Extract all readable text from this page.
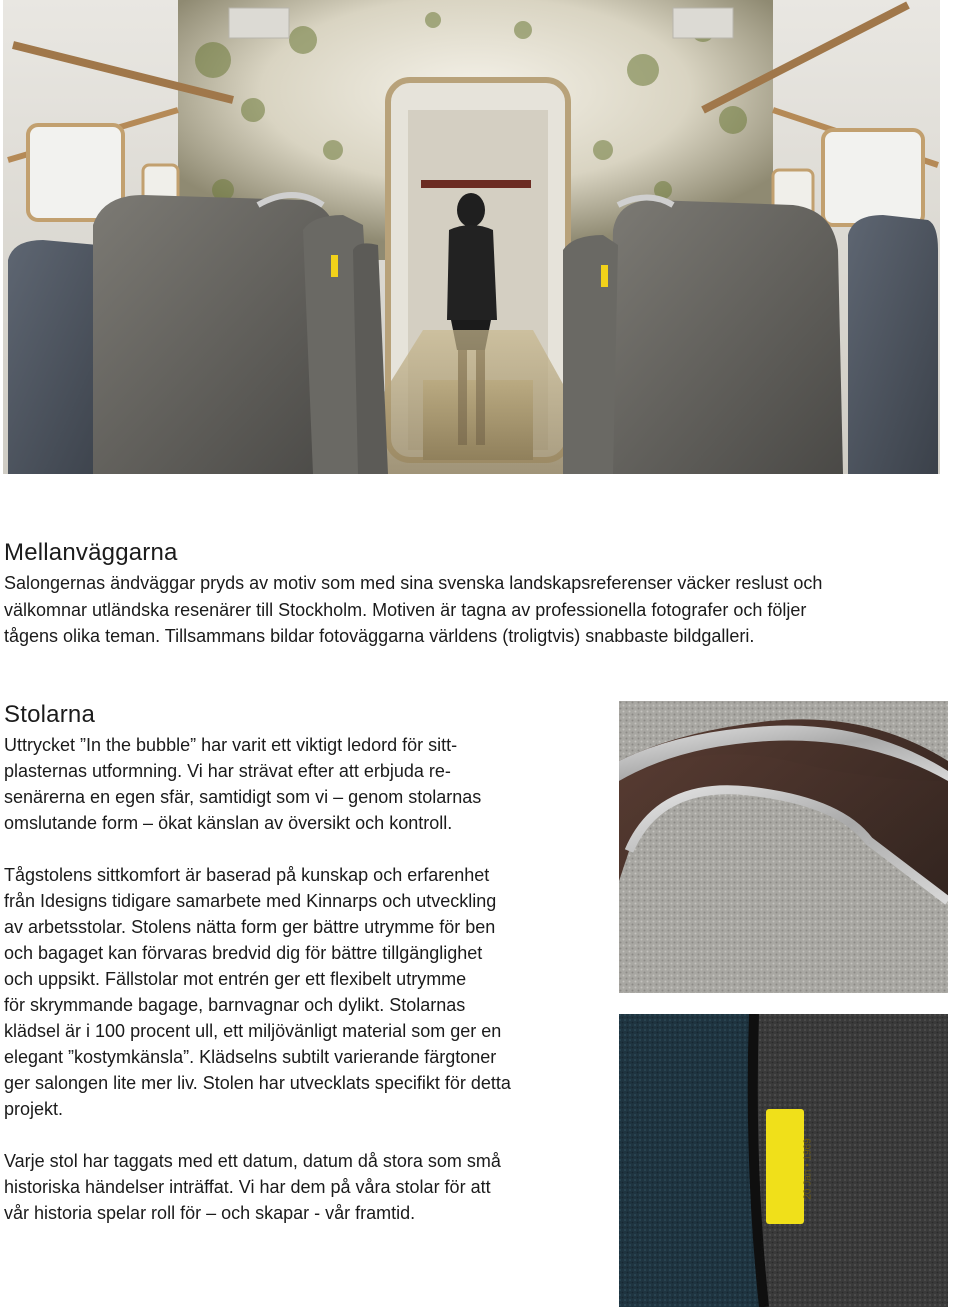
Mellanväggarna

Salongernas ändväggar pryds av motiv som med sina svenska landskapsreferenser väcker reslust och
välkomnar utländska resenärer till Stockholm. Motiven är tagna av professionella fotografer och följer
tågens olika teman. Tillsammans bildar fotoväggarna världens (troligtvis) snabbaste bildgalleri.

Stolarna

Uttrycket ”In the bubble” har varit ett viktigt ledord för sitt-
plasternas utformning. Vi har strävat efter att erbjuda re-
senärerna en egen sfär, samtidigt som vi – genom stolarnas
omslutande form – ökat känslan av översikt och kontroll.

Tågstolens sittkomfort är baserad på kunskap och erfarenhet
från Idesigns tidigare samarbete med Kinnarps och utveckling
av arbetsstolar. Stolens nätta form ger bättre utrymme för ben
och bagaget kan förvaras bredvid dig för bättre tillgänglighet
och uppsikt. Fällstolar mot entrén ger ett flexibelt utrymme
för skrymmande bagage, barnvagnar och dylikt. Stolarnas
klädsel är i 100 procent ull, ett miljövänligt material som ger en
elegant ”kostymkänsla”. Klädselns subtilt varierande färgtoner
ger salongen lite mer liv. Stolen har utvecklats specifikt för detta
projekt.

Varje stol har taggats med ett datum, datum då stora som små
historiska händelser inträffat. Vi har dem på våra stolar för att
vår historia spelar roll för – och skapar - vår framtid.

20 Jan • 1969
